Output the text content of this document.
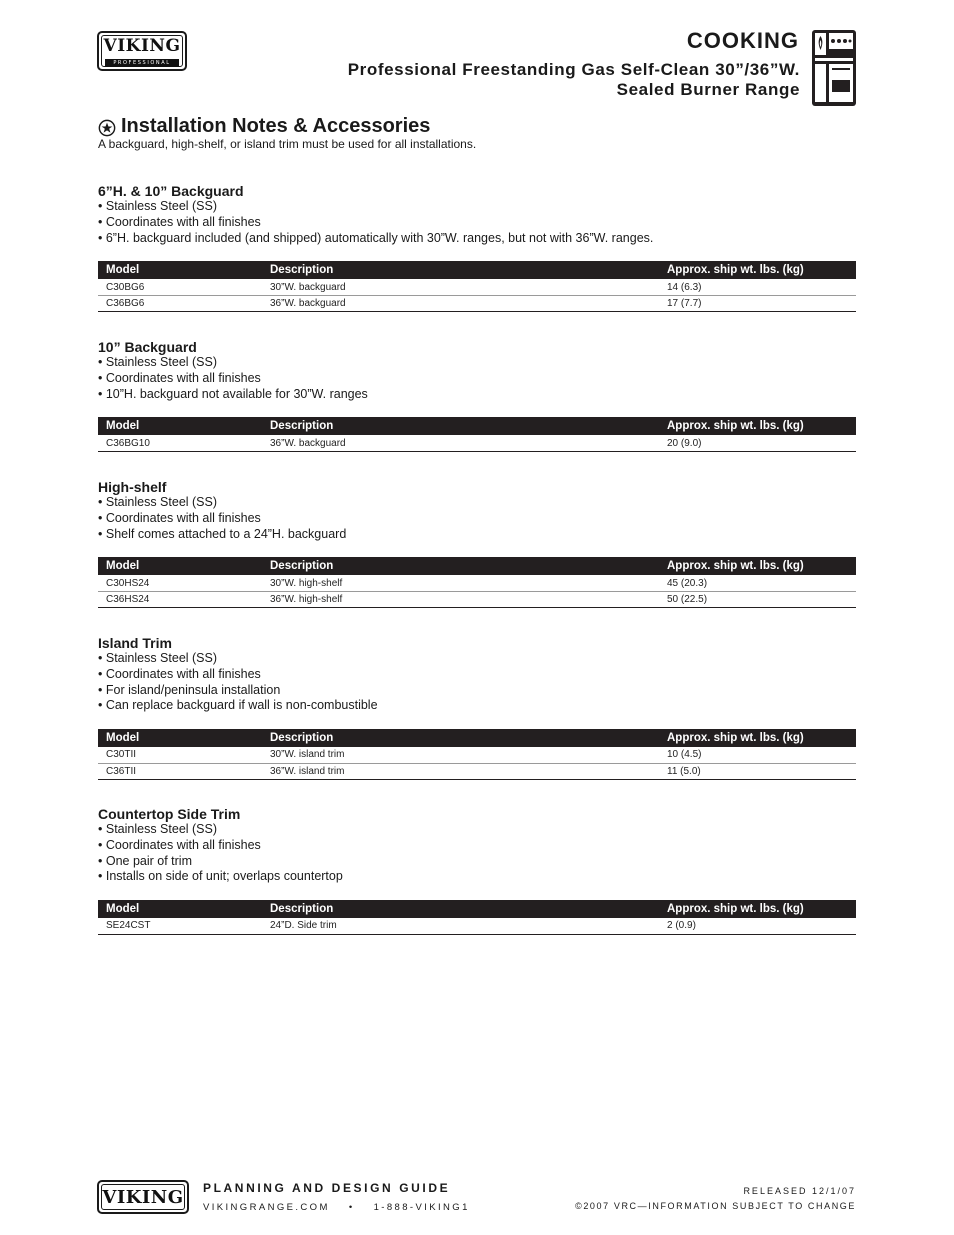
VIKING
PROFESSIONAL
COOKING
Professional Freestanding Gas Self-Clean 30”/36”W.
Sealed Burner Range
Installation Notes & Accessories
A backguard, high-shelf, or island trim must be used for all installations.
6”H. & 10” Backguard
• Stainless Steel (SS)
• Coordinates with all finishes
• 6”H. backguard included (and shipped) automatically with 30”W. ranges, but not with 36”W. ranges.
Model	Description	Approx. ship wt. lbs. (kg)
C30BG6	30”W. backguard	14 (6.3)
C36BG6	36”W. backguard	17 (7.7)
10” Backguard
• Stainless Steel (SS)
• Coordinates with all finishes
• 10”H. backguard not available for 30”W. ranges
Model	Description	Approx. ship wt. lbs. (kg)
C36BG10	36”W. backguard	20 (9.0)
High-shelf
• Stainless Steel (SS)
• Coordinates with all finishes
• Shelf comes attached to a 24”H. backguard
Model	Description	Approx. ship wt. lbs. (kg)
C30HS24	30”W. high-shelf	45 (20.3)
C36HS24	36”W. high-shelf	50 (22.5)
Island Trim
• Stainless Steel (SS)
• Coordinates with all finishes
• For island/peninsula installation
• Can replace backguard if wall is non-combustible
Model	Description	Approx. ship wt. lbs. (kg)
C30TII	30”W. island trim	10 (4.5)
C36TII	36”W. island trim	11 (5.0)
Countertop Side Trim
• Stainless Steel (SS)
• Coordinates with all finishes
• One pair of trim
• Installs on side of unit; overlaps countertop
Model	Description	Approx. ship wt. lbs. (kg)
SE24CST	24”D. Side trim	2 (0.9)
VIKING PLANNING AND DESIGN GUIDE
VIKINGRANGE.COM • 1-888-VIKING1
RELEASED 12/1/07
©2007 VRC—INFORMATION SUBJECT TO CHANGE
